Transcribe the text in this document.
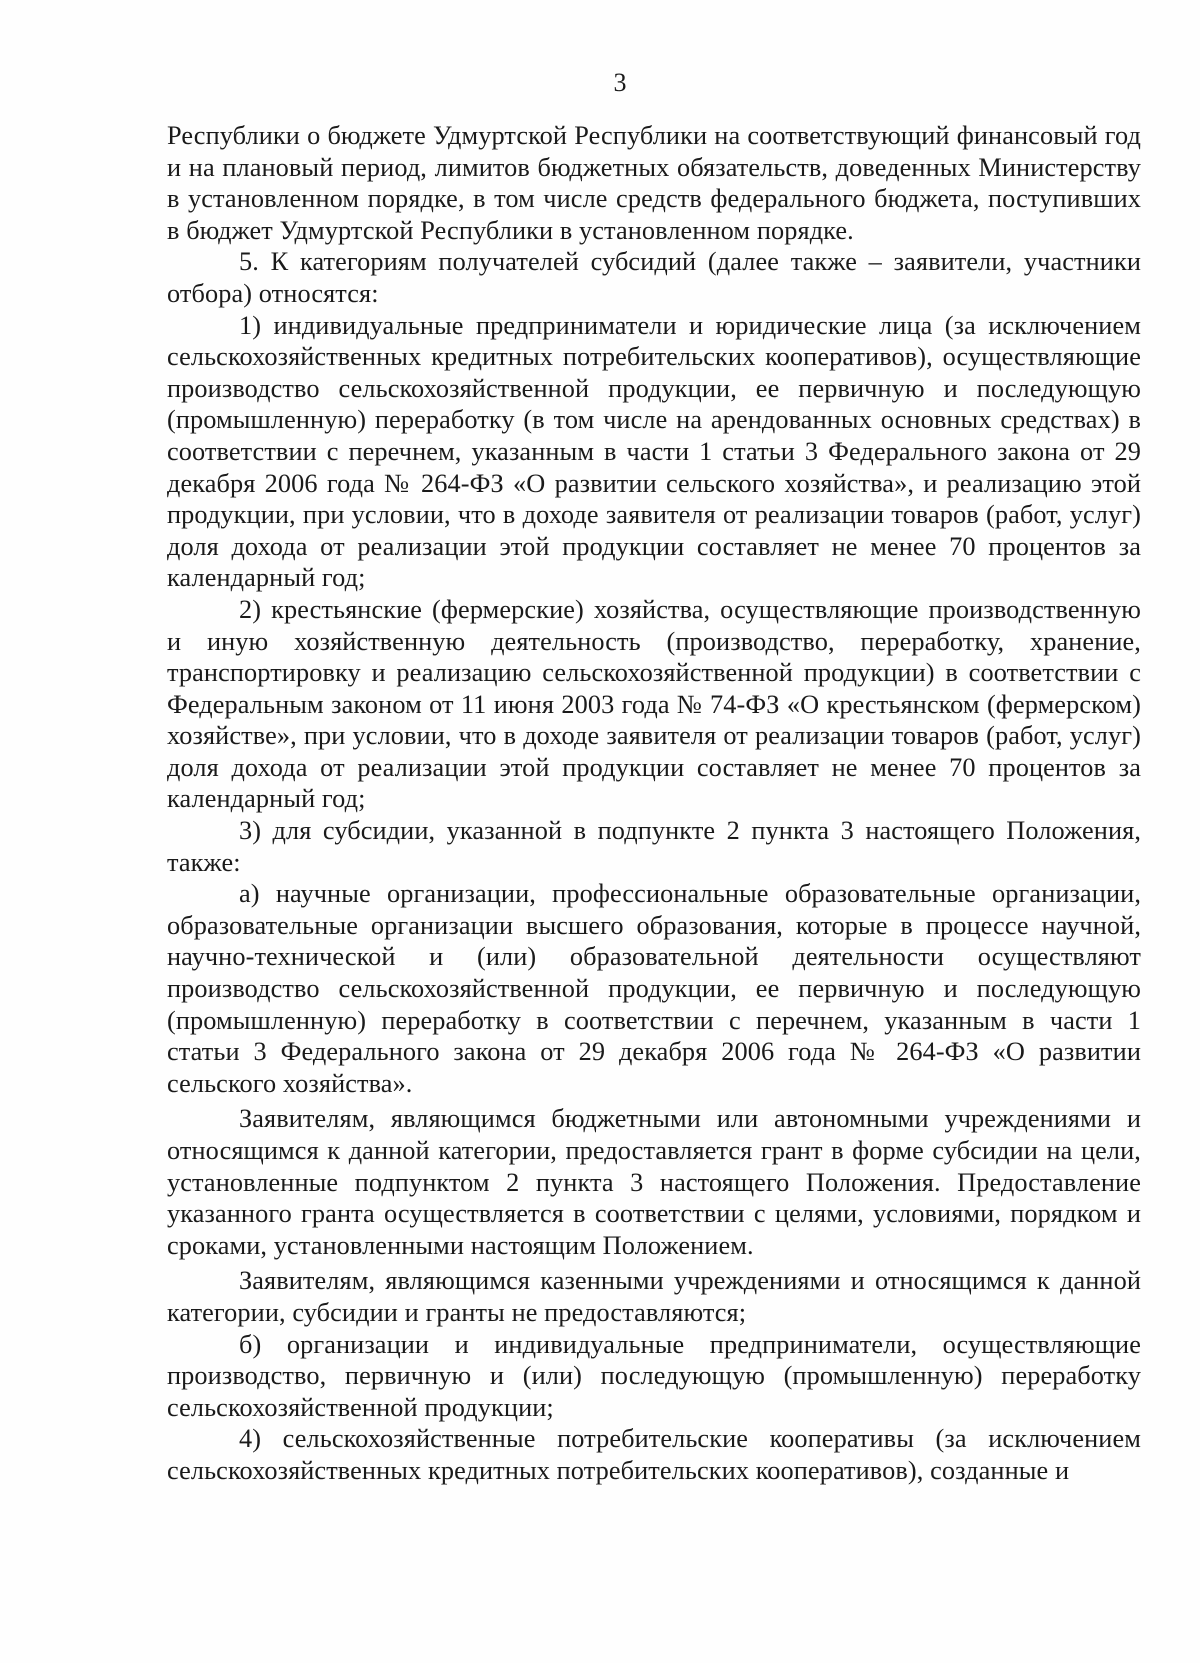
3

Республики о бюджете Удмуртской Республики на соответствующий финансовый год и на плановый период, лимитов бюджетных обязательств, доведенных Министерству в установленном порядке, в том числе средств федерального бюджета, поступивших в бюджет Удмуртской Республики в установленном порядке.

5. К категориям получателей субсидий (далее также – заявители, участники отбора) относятся:

1) индивидуальные предприниматели и юридические лица (за исключением сельскохозяйственных кредитных потребительских кооперативов), осуществляющие производство сельскохозяйственной продукции, ее первичную и последующую (промышленную) переработку (в том числе на арендованных основных средствах) в соответствии с перечнем, указанным в части 1 статьи 3 Федерального закона от 29 декабря 2006 года № 264-ФЗ «О развитии сельского хозяйства», и реализацию этой продукции, при условии, что в доходе заявителя от реализации товаров (работ, услуг) доля дохода от реализации этой продукции составляет не менее 70 процентов за календарный год;

2) крестьянские (фермерские) хозяйства, осуществляющие производственную и иную хозяйственную деятельность (производство, переработку, хранение, транспортировку и реализацию сельскохозяйственной продукции) в соответствии с Федеральным законом от 11 июня 2003 года № 74-ФЗ «О крестьянском (фермерском) хозяйстве», при условии, что в доходе заявителя от реализации товаров (работ, услуг) доля дохода от реализации этой продукции составляет не менее 70 процентов за календарный год;

3) для субсидии, указанной в подпункте 2 пункта 3 настоящего Положения, также:

а) научные организации, профессиональные образовательные организации, образовательные организации высшего образования, которые в процессе научной, научно-технической и (или) образовательной деятельности осуществляют производство сельскохозяйственной продукции, ее первичную и последующую (промышленную) переработку в соответствии с перечнем, указанным в части 1 статьи 3 Федерального закона от 29 декабря 2006 года № 264-ФЗ «О развитии сельского хозяйства».

Заявителям, являющимся бюджетными или автономными учреждениями и относящимся к данной категории, предоставляется грант в форме субсидии на цели, установленные подпунктом 2 пункта 3 настоящего Положения. Предоставление указанного гранта осуществляется в соответствии с целями, условиями, порядком и сроками, установленными настоящим Положением.

Заявителям, являющимся казенными учреждениями и относящимся к данной категории, субсидии и гранты не предоставляются;

б) организации и индивидуальные предприниматели, осуществляющие производство, первичную и (или) последующую (промышленную) переработку сельскохозяйственной продукции;

4) сельскохозяйственные потребительские кооперативы (за исключением сельскохозяйственных кредитных потребительских кооперативов), созданные и
